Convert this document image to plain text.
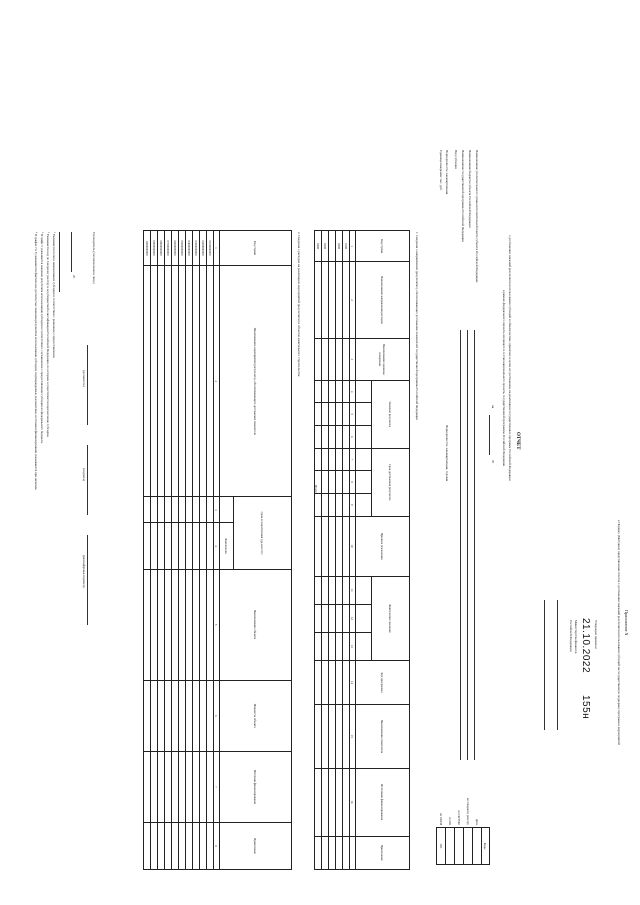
Приложение N
к Порядку (Методике) представления отчетов о достижении значений результатов использования субсидий на государственную поддержку программ и мероприятий
Утвержден приказом
21.10.2022
155н
Министерства финансов
Российской Федерации
ОТЧЕТ
о достижении значений результатов использования субсидий и обязательствах, принятых в целях их достижения, на реализацию государственных программ Российской Федерации
в рамках федерального проекта, входящего в состав национального проекта, государственной программы Российской Федерации
на
20
	Коды
Дата	
по Сводному реестру	
по ОКТМО	
по БК	
по ОКЕИ	383
Наименование уполномоченного органа исполнительной власти субъекта Российской Федерации
Наименование бюджета субъекта Российской Федерации
Наименование государственной программы Российской Федерации
Вид субсидии
Периодичность: ежеквартальная
Единица измерения: тыс. руб.
Периодичность: ежеквартальная, годовая
1. Сведения о направлениях (результатах), обеспечивающих достижение показателей государственной программы Российской Федерации
Код строки	Наименование направления расходов	Наименование единицы измерения	Значение результата			Срок достижения результата			Причина отклонения	Фактическое значение			Код программы	Наименование показателя	Источники финансирования	Примечание

1	2	3	4	5	6	7	8	9	10	11	12	13	14	15	16	
0100																
0200																

0300																
0400																
Всего
2. Сведения о расходах на реализацию мероприятий (результатов) и объектах капитального строительства
Код строки	Наименование мероприятия (результата), обеспечивающего достижение показателя	Срок осуществления (дд.мм.гггг)		Наименование объекта	Мощность объекта	Источник финансирования	Примечание
			Фактически				
1	2	3	4	5	6	7	8
0100000000							
0200000000							
0300000000							
0400000000							
0500000000							
0600000000							
0700000000							
0800000000							
0900000000							
1000000000							
Руководитель (уполномоченное лицо)
(должность)
(подпись)
(расшифровка подписи)
20
¹ Указывается полное наименование субсидии в соответствии с решением о предоставлении.
² Указывается код по Сводному реестру и код бюджетной классификации Российской Федерации, по которым осуществляется перечисление субсидии.
³ В графе 5 указывается значение результата использования субсидии в соответствии с соглашением о предоставлении субсидии из федерального бюджета.
⁴ В графах 7 и 8 указываются фактически достигнутые значения результатов использования субсидии, подтвержденные документами, источники финансирования указываются при наличии.
